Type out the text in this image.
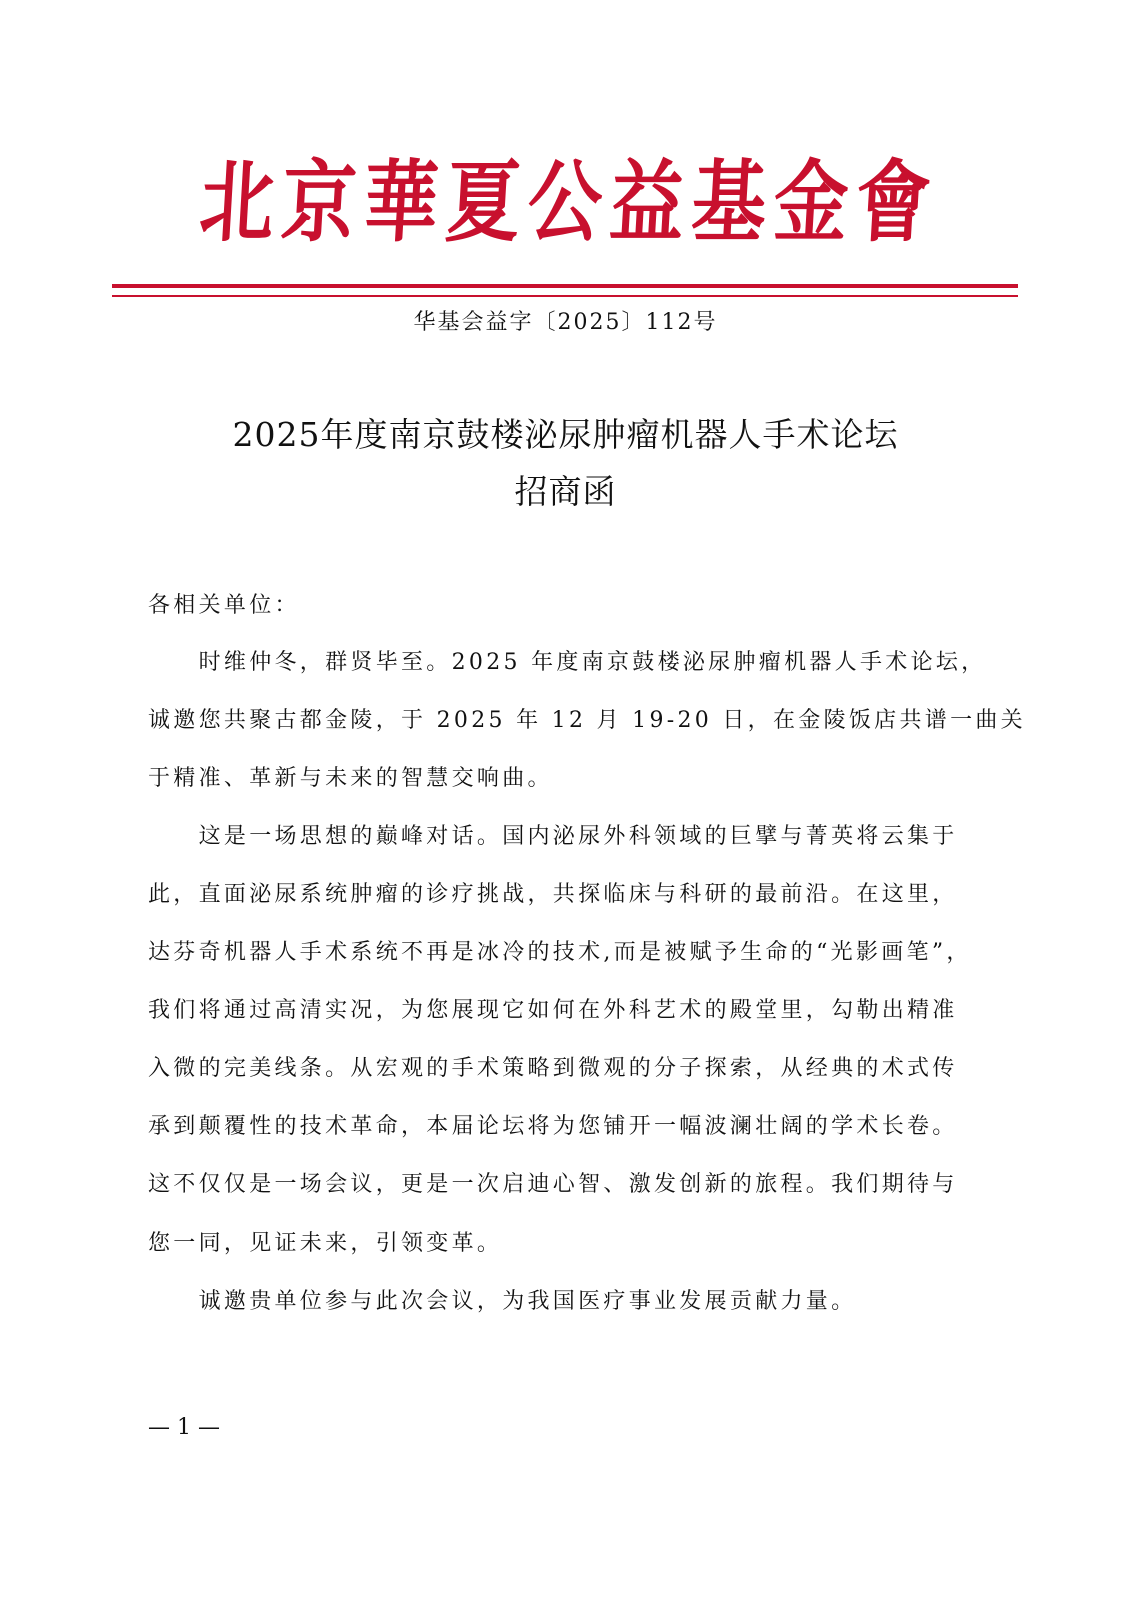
北 京 華 夏 公 益 基 金 會
华基会益字〔2025〕112号
2025年度南京鼓楼泌尿肿瘤机器人手术论坛
招商函
各相关单位：
　　时维仲冬，群贤毕至。2025 年度南京鼓楼泌尿肿瘤机器人手术论坛，
诚邀您共聚古都金陵，于 2025 年 12 月 19-20 日，在金陵饭店共谱一曲关
于精准、革新与未来的智慧交响曲。
　　这是一场思想的巅峰对话。国内泌尿外科领域的巨擘与菁英将云集于
此，直面泌尿系统肿瘤的诊疗挑战，共探临床与科研的最前沿。在这里，
达芬奇机器人手术系统不再是冰冷的技术,而是被赋予生命的“光影画笔”，
我们将通过高清实况，为您展现它如何在外科艺术的殿堂里，勾勒出精准
入微的完美线条。从宏观的手术策略到微观的分子探索，从经典的术式传
承到颠覆性的技术革命，本届论坛将为您铺开一幅波澜壮阔的学术长卷。
这不仅仅是一场会议，更是一次启迪心智、激发创新的旅程。我们期待与
您一同，见证未来，引领变革。
　　诚邀贵单位参与此次会议，为我国医疗事业发展贡献力量。
— 1 —
